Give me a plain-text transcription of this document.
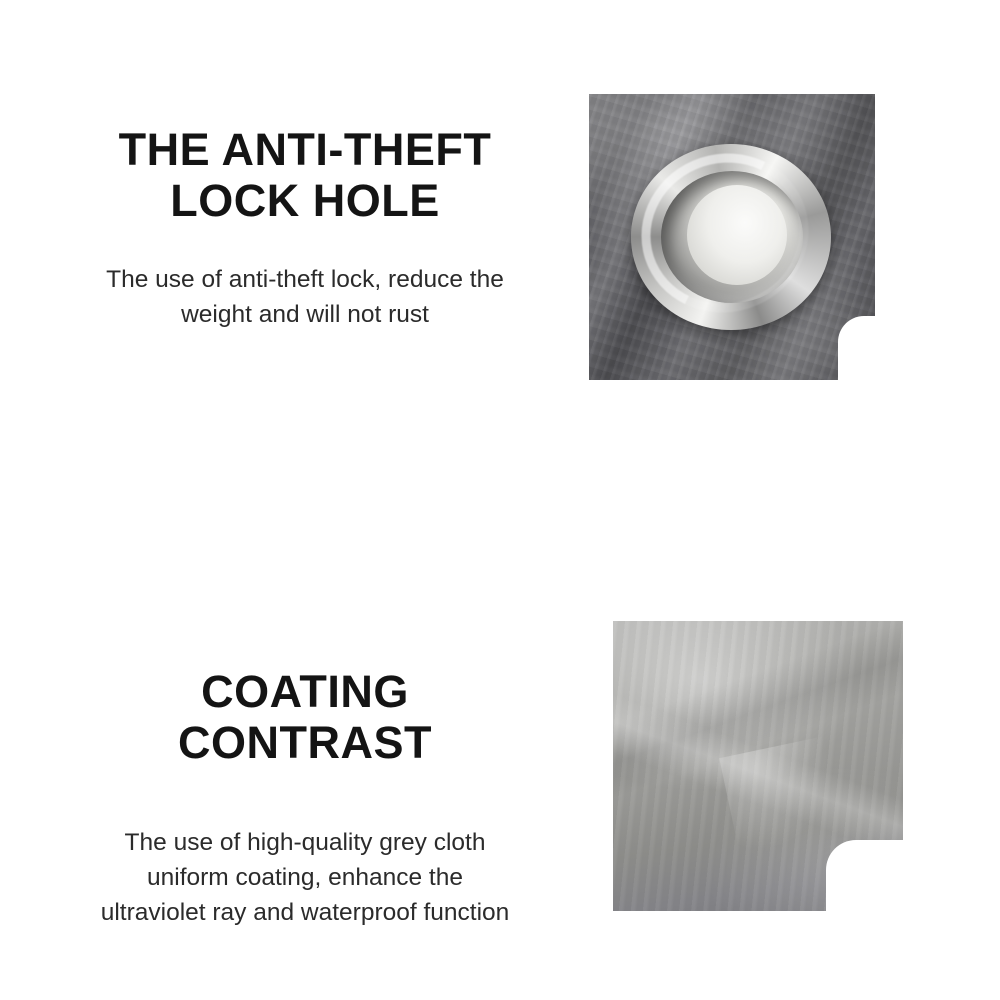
THE ANTI-THEFT
LOCK HOLE

The use of anti-theft lock, reduce the
weight and will not rust

COATING
CONTRAST

The use of high-quality grey cloth
uniform coating, enhance the
ultraviolet ray and waterproof function
